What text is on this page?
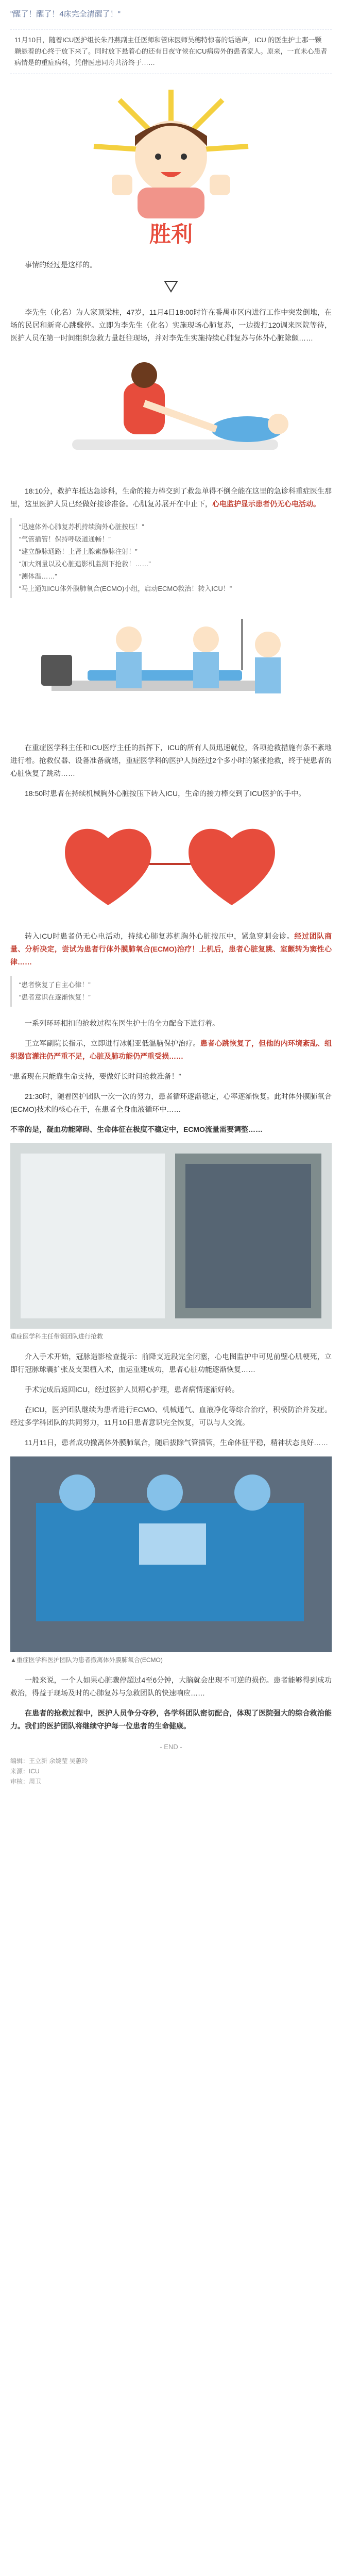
"醒了！醒了！4床完全清醒了！"
11月10日，随着ICU医护组长朱丹燕副主任医师和管床医师吴穗特惊喜的话语声，ICU 的医生护士那一颗颗悬着的心终于放下来了。同时放下悬着心的还有日夜守候在ICU病房外的患者家人。原来，一直未心患者病情是的重症病科，凭借医患同舟共济终于……
胜利

事情的经过是这样的。

李先生（化名）为人家顶梁柱，47岁，11月4日18:00时许在番禺市区内进行工作中突发倒地，在场的民居和新奇心跳骤停。立即为李先生（化名）实施现场心肺复苏，一边拨打120调来医院等待，医护人员在第一时间组织急救力量赶往现场，并对李先生实施持续心肺复苏与体外心脏除颤……

18:10分，救护车抵达急诊科，生命的接力棒交到了救急单得不倒全能在这里的急诊科重症医生那里，这里医护人员已经做好接诊准备。心肌复苏展开在中止下，心电监护显示患者仍无心电活动。

“迅速体外心肺复苏机持续胸外心脏按压！”
“气管插管！保持呼吸道通畅！”
“建立静脉通路！上肾上腺素静脉注射！”
“加大剂量以及心脏造影机监测下抢救！……”
“测体温……”
“马上通知ICU体外膜肺氧合(ECMO)小组，启动ECMO救治！转入ICU！”

在重症医学科主任和ICU医疗主任的指挥下，ICU的所有人员迅速就位，各项抢救措施有条不紊地进行着。抢救仪器、设备准备就绪，重症医学科的医护人员经过2个多小时的紧张抢救，终于使患者的心脏恢复了跳动……

18:50时患者在持续机械胸外心脏按压下转入ICU，生命的接力棒交到了ICU医护的手中。

转入ICU时患者仍无心电活动，持续心肺复苏机胸外心脏按压中，紧急穿刺会诊。经过团队商量、分析决定，尝试为患者行体外膜肺氧合(ECMO)治疗！上机后，患者心脏复跳、室颤转为窦性心律……

“患者恢复了自主心律！”
“患者意识在逐渐恢复！”

一系列环环相扣的抢救过程在医生护士的全力配合下进行着。

王立军副院长指示，立即进行冰帽亚低温脑保护治疗。患者心跳恢复了，但他的内环境紊乱、组织器官灌注仍严重不足，心脏及肺功能仍严重受损……

“患者现在只能靠生命支持，要做好长时间抢救准备！”

21:30时，随着医护团队一次一次的努力，患者循环逐渐稳定，心率逐渐恢复。此时体外膜肺氧合(ECMO)技术的核心在于，在患者全身血液循环中……

不幸的是，凝血功能障碍、生命体征在极度不稳定中，ECMO流量需要调整……

重症医学科主任带领团队进行抢救

介入手术开始，冠脉造影检查提示：前降支近段完全闭塞，心电图监护中可见前壁心肌梗死，立即行冠脉球囊扩张及支架植入术，血运重建成功，患者心脏功能逐渐恢复……

手术完成后返回ICU，经过医护人员精心护理，患者病情逐渐好转。

在ICU，医护团队继续为患者进行ECMO、机械通气、血液净化等综合治疗，积极防治并发症。经过多学科团队的共同努力，11月10日患者意识完全恢复，可以与人交流。

11月11日，患者成功撤离体外膜肺氧合，随后拔除气管插管，生命体征平稳，精神状态良好……

▲重症医学科医护团队为患者撤离体外膜肺氧合(ECMO)

一般来说，一个人如果心脏骤停超过4至6分钟，大脑就会出现不可逆的损伤。患者能够得到成功救治，得益于现场及时的心肺复苏与急救团队的快速响应……

在患者的抢救过程中，医护人员争分夺秒，各学科团队密切配合，体现了医院强大的综合救治能力。我们的医护团队将继续守护每一位患者的生命健康。

- END -
编辑：王立新 余婉莹 吴蕙玲
来源：ICU
审核：周卫
